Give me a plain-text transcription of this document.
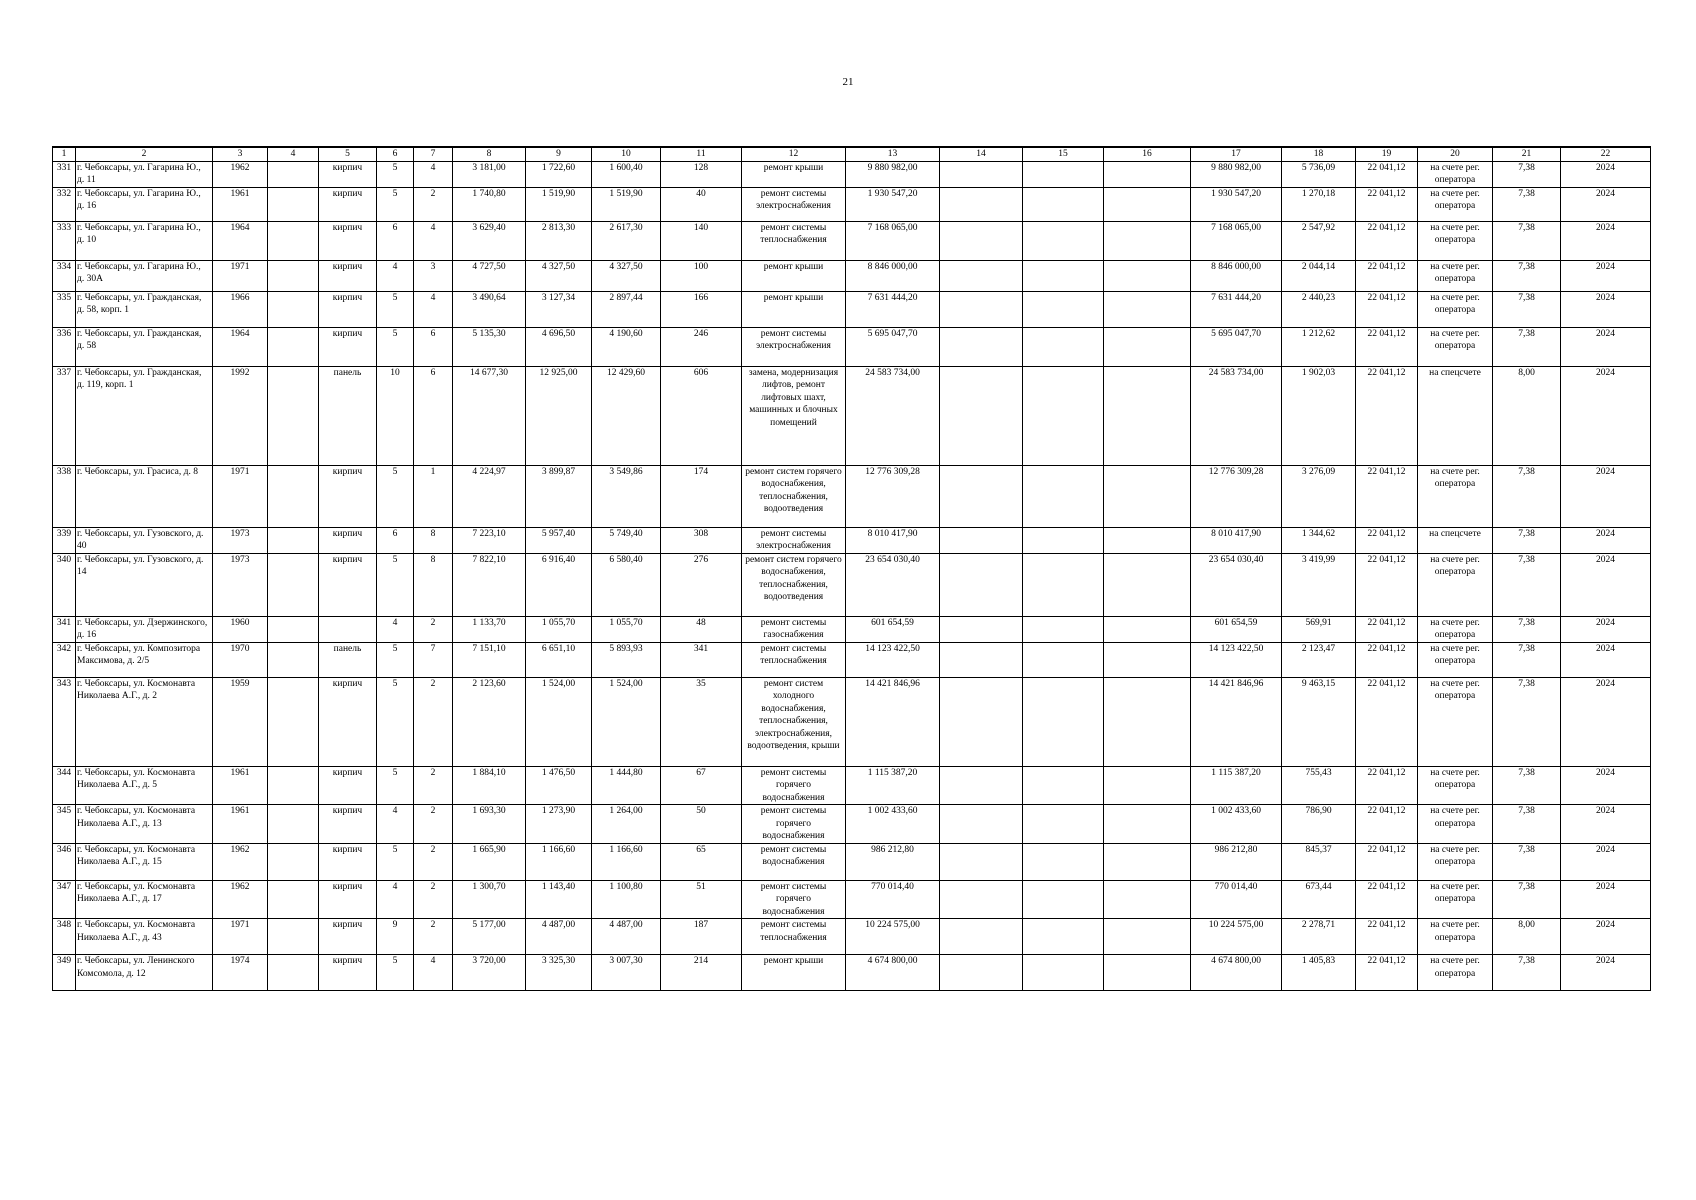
21
1	2	3	4	5	6	7	8	9	10	11	12	13	14	15	16	17	18	19	20	21	22
331	г. Чебоксары, ул. Гагарина Ю., д. 11	1962		кирпич	5	4	3 181,00	1 722,60	1 600,40	128	ремонт крыши	9 880 982,00				9 880 982,00	5 736,09	22 041,12	на счете рег. оператора	7,38	2024
332	г. Чебоксары, ул. Гагарина Ю., д. 16	1961		кирпич	5	2	1 740,80	1 519,90	1 519,90	40	ремонт системы электроснабжения	1 930 547,20				1 930 547,20	1 270,18	22 041,12	на счете рег. оператора	7,38	2024
333	г. Чебоксары, ул. Гагарина Ю., д. 10	1964		кирпич	6	4	3 629,40	2 813,30	2 617,30	140	ремонт системы теплоснабжения	7 168 065,00				7 168 065,00	2 547,92	22 041,12	на счете рег. оператора	7,38	2024
334	г. Чебоксары, ул. Гагарина Ю., д. 30А	1971		кирпич	4	3	4 727,50	4 327,50	4 327,50	100	ремонт крыши	8 846 000,00				8 846 000,00	2 044,14	22 041,12	на счете рег. оператора	7,38	2024
335	г. Чебоксары, ул. Гражданская, д. 58, корп. 1	1966		кирпич	5	4	3 490,64	3 127,34	2 897,44	166	ремонт крыши	7 631 444,20				7 631 444,20	2 440,23	22 041,12	на счете рег. оператора	7,38	2024
336	г. Чебоксары, ул. Гражданская, д. 58	1964		кирпич	5	6	5 135,30	4 696,50	4 190,60	246	ремонт системы электроснабжения	5 695 047,70				5 695 047,70	1 212,62	22 041,12	на счете рег. оператора	7,38	2024
337	г. Чебоксары, ул. Гражданская, д. 119, корп. 1	1992		панель	10	6	14 677,30	12 925,00	12 429,60	606	замена, модернизация лифтов, ремонт лифтовых шахт, машинных и блочных помещений	24 583 734,00				24 583 734,00	1 902,03	22 041,12	на спецсчете	8,00	2024
338	г. Чебоксары, ул. Грасиса, д. 8	1971		кирпич	5	1	4 224,97	3 899,87	3 549,86	174	ремонт систем горячего водоснабжения, теплоснабжения, водоотведения	12 776 309,28				12 776 309,28	3 276,09	22 041,12	на счете рег. оператора	7,38	2024
339	г. Чебоксары, ул. Гузовского, д. 40	1973		кирпич	6	8	7 223,10	5 957,40	5 749,40	308	ремонт системы электроснабжения	8 010 417,90				8 010 417,90	1 344,62	22 041,12	на спецсчете	7,38	2024
340	г. Чебоксары, ул. Гузовского, д. 14	1973		кирпич	5	8	7 822,10	6 916,40	6 580,40	276	ремонт систем горячего водоснабжения, теплоснабжения, водоотведения	23 654 030,40				23 654 030,40	3 419,99	22 041,12	на счете рег. оператора	7,38	2024
341	г. Чебоксары, ул. Дзержинского, д. 16	1960			4	2	1 133,70	1 055,70	1 055,70	48	ремонт системы газоснабжения	601 654,59				601 654,59	569,91	22 041,12	на счете рег. оператора	7,38	2024
342	г. Чебоксары, ул. Композитора Максимова, д. 2/5	1970		панель	5	7	7 151,10	6 651,10	5 893,93	341	ремонт системы теплоснабжения	14 123 422,50				14 123 422,50	2 123,47	22 041,12	на счете рег. оператора	7,38	2024
343	г. Чебоксары, ул. Космонавта Николаева А.Г., д. 2	1959		кирпич	5	2	2 123,60	1 524,00	1 524,00	35	ремонт систем холодного водоснабжения, теплоснабжения, электроснабжения, водоотведения, крыши	14 421 846,96				14 421 846,96	9 463,15	22 041,12	на счете рег. оператора	7,38	2024
344	г. Чебоксары, ул. Космонавта Николаева А.Г., д. 5	1961		кирпич	5	2	1 884,10	1 476,50	1 444,80	67	ремонт системы горячего водоснабжения	1 115 387,20				1 115 387,20	755,43	22 041,12	на счете рег. оператора	7,38	2024
345	г. Чебоксары, ул. Космонавта Николаева А.Г., д. 13	1961		кирпич	4	2	1 693,30	1 273,90	1 264,00	50	ремонт системы горячего водоснабжения	1 002 433,60				1 002 433,60	786,90	22 041,12	на счете рег. оператора	7,38	2024
346	г. Чебоксары, ул. Космонавта Николаева А.Г., д. 15	1962		кирпич	5	2	1 665,90	1 166,60	1 166,60	65	ремонт системы водоснабжения	986 212,80				986 212,80	845,37	22 041,12	на счете рег. оператора	7,38	2024
347	г. Чебоксары, ул. Космонавта Николаева А.Г., д. 17	1962		кирпич	4	2	1 300,70	1 143,40	1 100,80	51	ремонт системы горячего водоснабжения	770 014,40				770 014,40	673,44	22 041,12	на счете рег. оператора	7,38	2024
348	г. Чебоксары, ул. Космонавта Николаева А.Г., д. 43	1971		кирпич	9	2	5 177,00	4 487,00	4 487,00	187	ремонт системы теплоснабжения	10 224 575,00				10 224 575,00	2 278,71	22 041,12	на счете рег. оператора	8,00	2024
349	г. Чебоксары, ул. Ленинского Комсомола, д. 12	1974		кирпич	5	4	3 720,00	3 325,30	3 007,30	214	ремонт крыши	4 674 800,00				4 674 800,00	1 405,83	22 041,12	на счете рег. оператора	7,38	2024
